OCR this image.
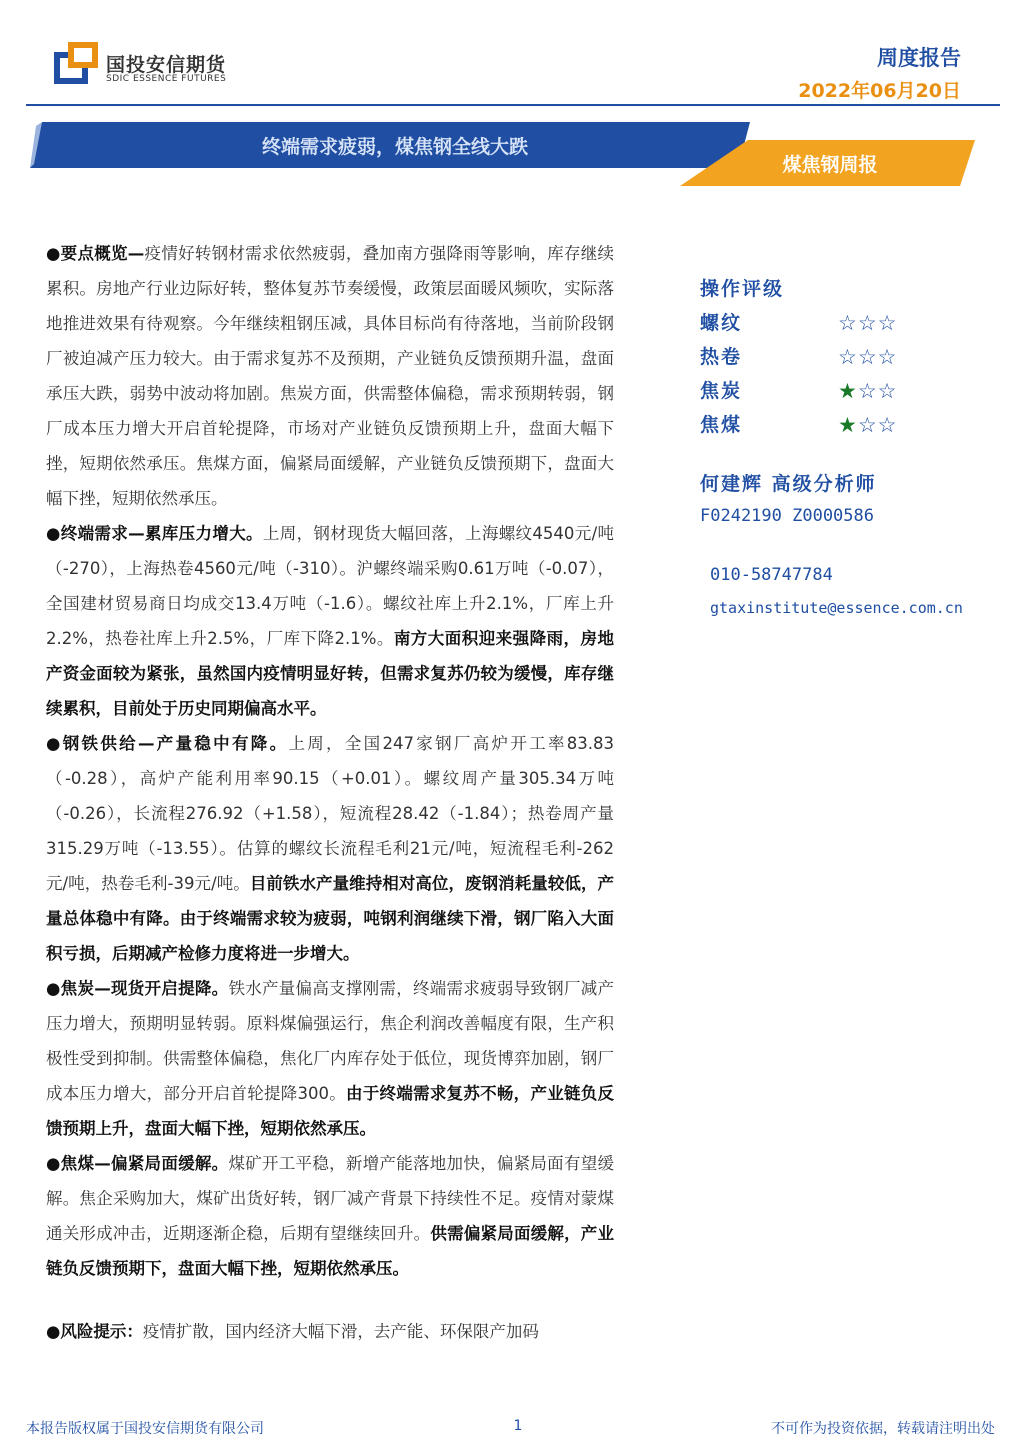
国投安信期货
SDIC ESSENCE FUTURES
周度报告
2022年06月20日
终端需求疲弱，煤焦钢全线大跌
煤焦钢周报

●要点概览—疫情好转钢材需求依然疲弱，叠加南方强降雨等影响，库存继续累积。房地产行业边际好转，整体复苏节奏缓慢，政策层面暖风频吹，实际落地推进效果有待观察。今年继续粗钢压减，具体目标尚有待落地，当前阶段钢厂被迫减产压力较大。由于需求复苏不及预期，产业链负反馈预期升温，盘面承压大跌，弱势中波动将加剧。焦炭方面，供需整体偏稳，需求预期转弱，钢厂成本压力增大开启首轮提降，市场对产业链负反馈预期上升，盘面大幅下挫，短期依然承压。焦煤方面，偏紧局面缓解，产业链负反馈预期下，盘面大幅下挫，短期依然承压。

●终端需求—累库压力增大。上周，钢材现货大幅回落，上海螺纹4540元/吨（-270），上海热卷4560元/吨（-310）。沪螺终端采购0.61万吨（-0.07），全国建材贸易商日均成交13.4万吨（-1.6）。螺纹社库上升2.1%，厂库上升2.2%，热卷社库上升2.5%，厂库下降2.1%。南方大面积迎来强降雨，房地产资金面较为紧张，虽然国内疫情明显好转，但需求复苏仍较为缓慢，库存继续累积，目前处于历史同期偏高水平。

●钢铁供给—产量稳中有降。上周，全国247家钢厂高炉开工率83.83（-0.28），高炉产能利用率90.15（+0.01）。螺纹周产量305.34万吨（-0.26），长流程276.92（+1.58），短流程28.42（-1.84）；热卷周产量315.29万吨（-13.55）。估算的螺纹长流程毛利21元/吨，短流程毛利-262元/吨，热卷毛利-39元/吨。目前铁水产量维持相对高位，废钢消耗量较低，产量总体稳中有降。由于终端需求较为疲弱，吨钢利润继续下滑，钢厂陷入大面积亏损，后期减产检修力度将进一步增大。

●焦炭—现货开启提降。铁水产量偏高支撑刚需，终端需求疲弱导致钢厂减产压力增大，预期明显转弱。原料煤偏强运行，焦企利润改善幅度有限，生产积极性受到抑制。供需整体偏稳，焦化厂内库存处于低位，现货博弈加剧，钢厂成本压力增大，部分开启首轮提降300。由于终端需求复苏不畅，产业链负反馈预期上升，盘面大幅下挫，短期依然承压。

●焦煤—偏紧局面缓解。煤矿开工平稳，新增产能落地加快，偏紧局面有望缓解。焦企采购加大，煤矿出货好转，钢厂减产背景下持续性不足。疫情对蒙煤通关形成冲击，近期逐渐企稳，后期有望继续回升。供需偏紧局面缓解，产业链负反馈预期下，盘面大幅下挫，短期依然承压。

●风险提示：疫情扩散，国内经济大幅下滑，去产能、环保限产加码

操作评级
螺纹	☆☆☆
热卷	☆☆☆
焦炭	★☆☆
焦煤	★☆☆
何建辉 高级分析师
F0242190 Z0000586
010-58747784
gtaxinstitute@essence.com.cn
本报告版权属于国投安信期货有限公司	1	不可作为投资依据，转载请注明出处
